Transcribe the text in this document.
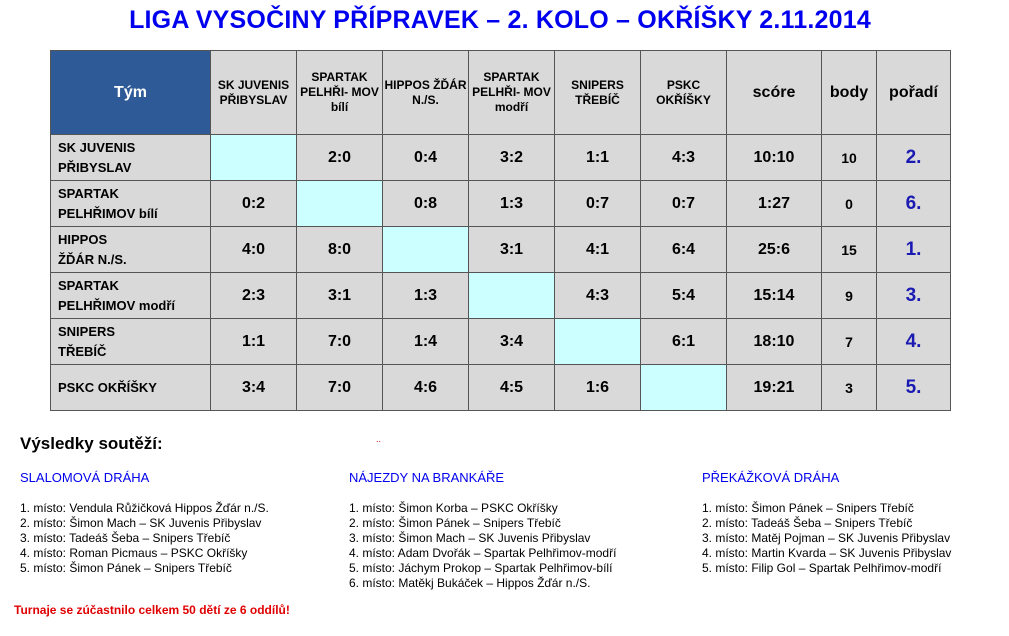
LIGA VYSOČINY PŘÍPRAVEK – 2. KOLO – OKŘÍŠKY 2.11.2014
Tým	SK JUVENIS PŘIBYSLAV	SPARTAK PELHŘI- MOV bílí	HIPPOS ŽĎÁR N./S.	SPARTAK PELHŘI- MOV modří	SNIPERS TŘEBÍČ	PSKC OKŘÍŠKY	scóre	body	pořadí

SK JUVENIS
PŘIBYSLAV		2:0	0:4	3:2	1:1	4:3	10:10	10	2.

SPARTAK
PELHŘIMOV bílí	0:2		0:8	1:3	0:7	0:7	1:27	0	6.

HIPPOS
ŽĎÁR N./S.	4:0	8:0		3:1	4:1	6:4	25:6	15	1.

SPARTAK
PELHŘIMOV modří	2:3	3:1	1:3		4:3	5:4	15:14	9	3.

SNIPERS
TŘEBÍČ	1:1	7:0	1:4	3:4		6:1	18:10	7	4.

PSKC OKŘÍŠKY	3:4	7:0	4:6	4:5	1:6		19:21	3	5.
Výsledky soutěží:	..
SLALOMOVÁ DRÁHA
1. místo: Vendula Růžičková Hippos Žďár n./S.
2. místo: Šimon Mach – SK Juvenis Přibyslav
3. místo: Tadeáš Šeba – Snipers Třebíč
4. místo: Roman Picmaus – PSKC Okříšky
5. místo: Šimon Pánek – Snipers Třebíč
NÁJEZDY NA BRANKÁŘE
1. místo: Šimon Korba – PSKC Okříšky
2. místo: Šimon Pánek – Snipers Třebíč
3. místo: Šimon Mach – SK Juvenis Přibyslav
4. místo: Adam Dvořák – Spartak Pelhřimov-modří
5. místo: Jáchym Prokop – Spartak Pelhřimov-bílí
6. místo: Matěkj Bukáček – Hippos Žďár n./S.
PŘEKÁŽKOVÁ DRÁHA
1. místo: Šimon Pánek – Snipers Třebíč
2. místo: Tadeáš Šeba – Snipers Třebíč
3. místo: Matěj Pojman – SK Juvenis Přibyslav
4. místo: Martin Kvarda – SK Juvenis Přibyslav
5. místo: Filip Gol – Spartak Pelhřimov-modří
Turnaje se zúčastnilo celkem 50 dětí ze 6 oddílů!
